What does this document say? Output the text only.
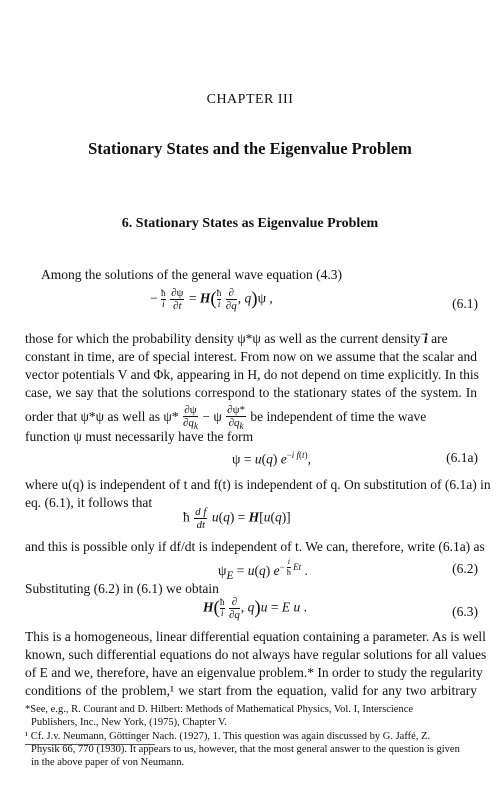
CHAPTER III
Stationary States and the Eigenvalue Problem
6. Stationary States as Eigenvalue Problem
Among the solutions of the general wave equation (4.3)
− $\frac{ħ}{i}$
$\frac{\partial\psi}{\partial t} = H( \frac{ħ}{i}$
$\frac{\partial}{\partial q}$ , q)ψ ,	(6.1)
those for which the probability density ψ*ψ as well as the current density i⃗ are
constant in time, are of special interest. From now on we assume that the scalar and
vector potentials V and Φk, appearing in H, do not depend on time explicitly. In this
case, we say that the solutions correspond to the stationary states of the system. In
order that ψ*ψ as well as $\psi* \frac{\partial\psi}{\partial q_k} - \psi \frac{\partial\psi*}{\partial q_k}$ be independent of time the wave
function ψ must necessarily have the form
ψ = u(q) $e^{-i f(t)}$,	(6.1a)
where u(q) is independent of t and f(t) is independent of q. On substitution of (6.1a) in
eq. (6.1), it follows that
ħ $\frac{\text{d f}}{dt} u(q) = H[u(q)]$
and this is possible only if df/dt is independent of t. We can, therefore, write (6.1a) as
$\psi_E = u(q)$ $e^{- \frac{i}{ħ} Et}$ .	(6.2)
Substituting (6.2) in (6.1) we obtain
$H( \frac{ħ}{i}$
$\frac{\partial}{\partial q}$ , q)u = E u .	(6.3)
This is a homogeneous, linear differential equation containing a parameter. As is well
known, such differential equations do not always have regular solutions for all values
of E and we, therefore, have an eigenvalue problem.* In order to study the regularity
conditions of the problem,¹ we start from the equation, valid for any two arbitrary
*See, e.g., R. Courant and D. Hilbert: Methods of Mathematical Physics, Vol. I, Interscience
Publishers, Inc., New York, (1975), Chapter V.
¹ Cf. J.v. Neumann, Göttinger Nach. (1927), 1. This question was again discussed by G. Jaffé, Z.
Physik 66, 770 (1930). It appears to us, however, that the most general answer to the question is given
in the above paper of von Neumann.
